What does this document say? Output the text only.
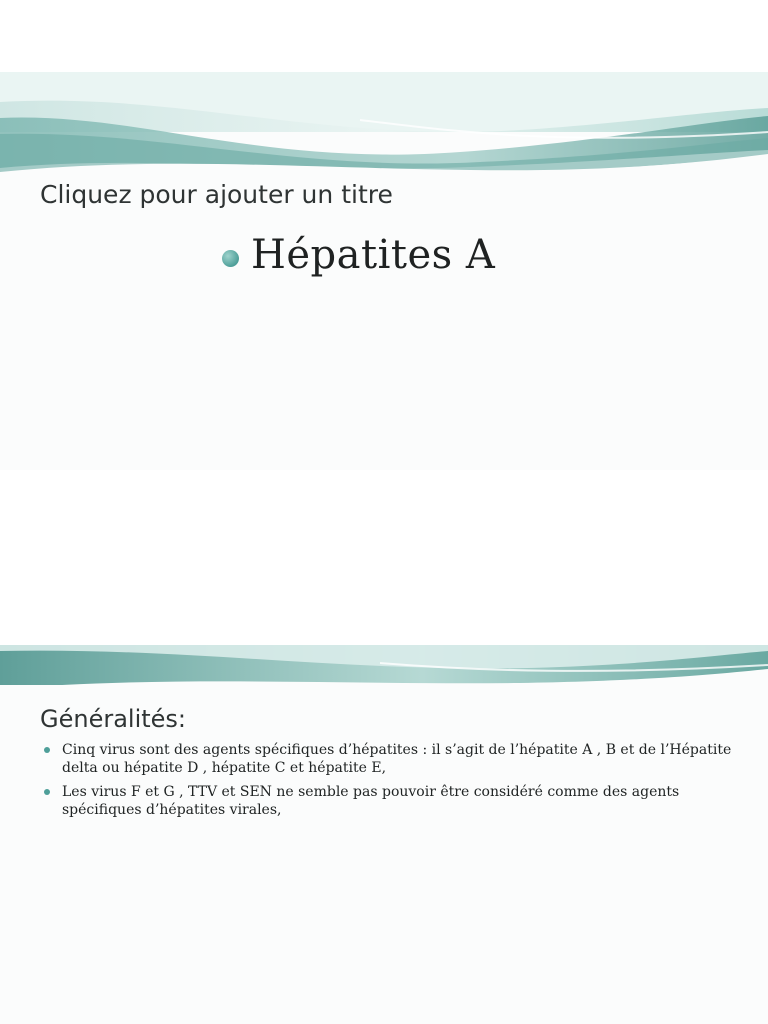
Cliquez pour ajouter un titre
Hépatites A
Généralités:
Cinq virus sont des agents spécifiques d’hépatites : il s’agit de l’hépatite A , B et de l’Hépatite delta ou hépatite D , hépatite C et hépatite E,
Les virus F et G , TTV et SEN ne semble pas pouvoir être considéré comme des agents spécifiques d’hépatites virales,
